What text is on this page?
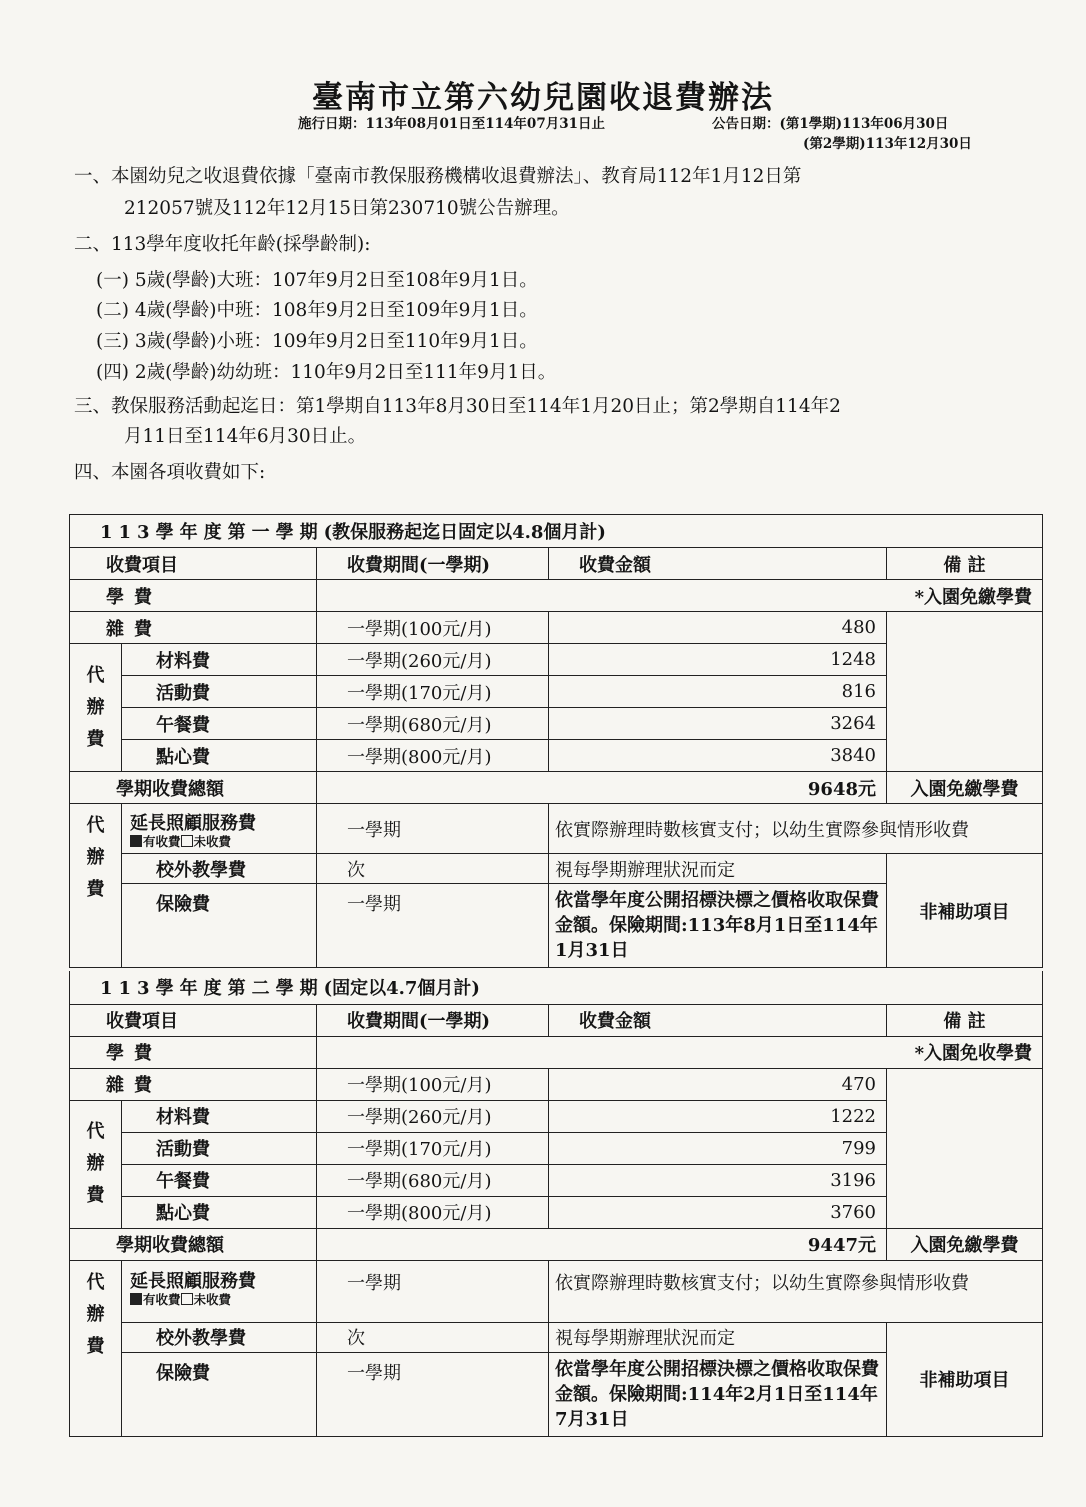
臺南市立第六幼兒園收退費辦法
施行日期：113年08月01日至114年07月31日止	公告日期：(第1學期)113年06月30日
(第2學期)113年12月30日
一、本園幼兒之收退費依據「臺南市教保服務機構收退費辦法」、教育局112年1月12日第
212057號及112年12月15日第230710號公告辦理。
二、113學年度收托年齡(採學齡制):
(一) 5歲(學齡)大班：107年9月2日至108年9月1日。
(二) 4歲(學齡)中班：108年9月2日至109年9月1日。
(三) 3歲(學齡)小班：109年9月2日至110年9月1日。
(四) 2歲(學齡)幼幼班：110年9月2日至111年9月1日。
三、教保服務活動起迄日：第1學期自113年8月30日至114年1月20日止；第2學期自114年2
月11日至114年6月30日止。
四、本園各項收費如下:
113學年度第一學期(教保服務起迄日固定以4.8個月計)				
收費項目		收費期間(一學期)	收費金額	備 註
學費		*入園免繳學費		
雜費		一學期(100元/月)	480	
代
辦
費	材料費	一學期(260元/月)	1248	
	活動費	一學期(170元/月)	816	
	午餐費	一學期(680元/月)	3264	
	點心費	一學期(800元/月)	3840	
學期收費總額		9648元		入園免繳學費
代
辦
費	延長照顧服務費
有收費 未收費	一學期	依實際辦理時數核實支付；以幼生實際參與情形收費	
	校外教學費	次	視每學期辦理狀況而定	非補助項目
	保險費	一學期	依當學年度公開招標決標之價格收取保費金額。保險期間:113年8月1日至114年1月31日	
113學年度第二學期(固定以4.7個月計)				
收費項目		收費期間(一學期)	收費金額	備 註
學費		*入園免收學費		
雜費		一學期(100元/月)	470	
代
辦
費	材料費	一學期(260元/月)	1222	
	活動費	一學期(170元/月)	799	
	午餐費	一學期(680元/月)	3196	
	點心費	一學期(800元/月)	3760	
學期收費總額		9447元		入園免繳學費
代
辦
費	延長照顧服務費
有收費 未收費	一學期	依實際辦理時數核實支付；以幼生實際參與情形收費	
	校外教學費	次	視每學期辦理狀況而定	非補助項目
	保險費	一學期	依當學年度公開招標決標之價格收取保費金額。保險期間:114年2月1日至114年7月31日	
